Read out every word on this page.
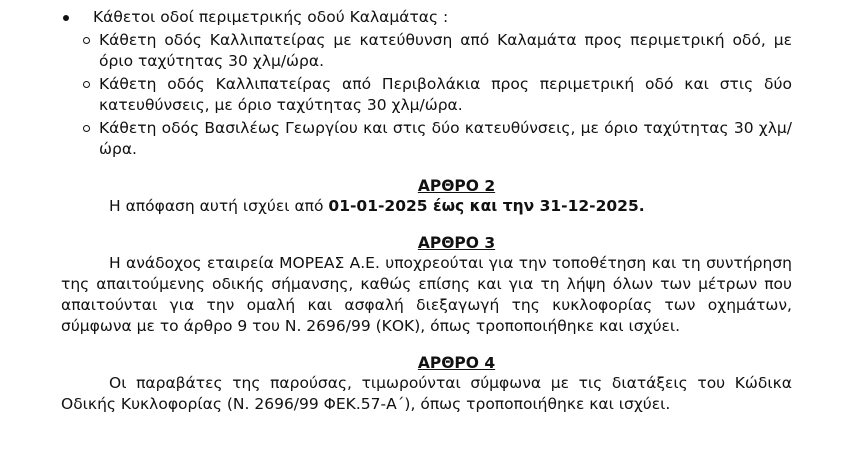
Κάθετοι οδοί περιμετρικής οδού Καλαμάτας :
Κάθετη οδός Καλλιπατείρας με κατεύθυνση από Καλαμάτα προς περιμετρική οδό, με όριο ταχύτητας 30 χλμ/ώρα.
Κάθετη οδός Καλλιπατείρας από Περιβολάκια προς περιμετρική οδό και στις δύο κατευθύνσεις, με όριο ταχύτητας 30 χλμ/ώρα.
Κάθετη οδός Βασιλέως Γεωργίου και στις δύο κατευθύνσεις, με όριο ταχύτητας 30 χλμ/ώρα.
ΑΡΘΡΟ 2
Η απόφαση αυτή ισχύει από 01-01-2025 έως και την 31-12-2025.
ΑΡΘΡΟ 3
Η ανάδοχος εταιρεία ΜΟΡΕΑΣ Α.Ε. υποχρεούται για την τοποθέτηση και τη συντήρηση της απαιτούμενης οδικής σήμανσης, καθώς επίσης και για τη λήψη όλων των μέτρων που απαιτούνται για την ομαλή και ασφαλή διεξαγωγή της κυκλοφορίας των οχημάτων, σύμφωνα με το άρθρο 9 του Ν. 2696/99 (ΚΟΚ), όπως τροποποιήθηκε και ισχύει.
ΑΡΘΡΟ 4
Οι παραβάτες της παρούσας, τιμωρούνται σύμφωνα με τις διατάξεις του Κώδικα Οδικής Κυκλοφορίας (Ν. 2696/99 ΦΕΚ.57-Α΄), όπως τροποποιήθηκε και ισχύει.
